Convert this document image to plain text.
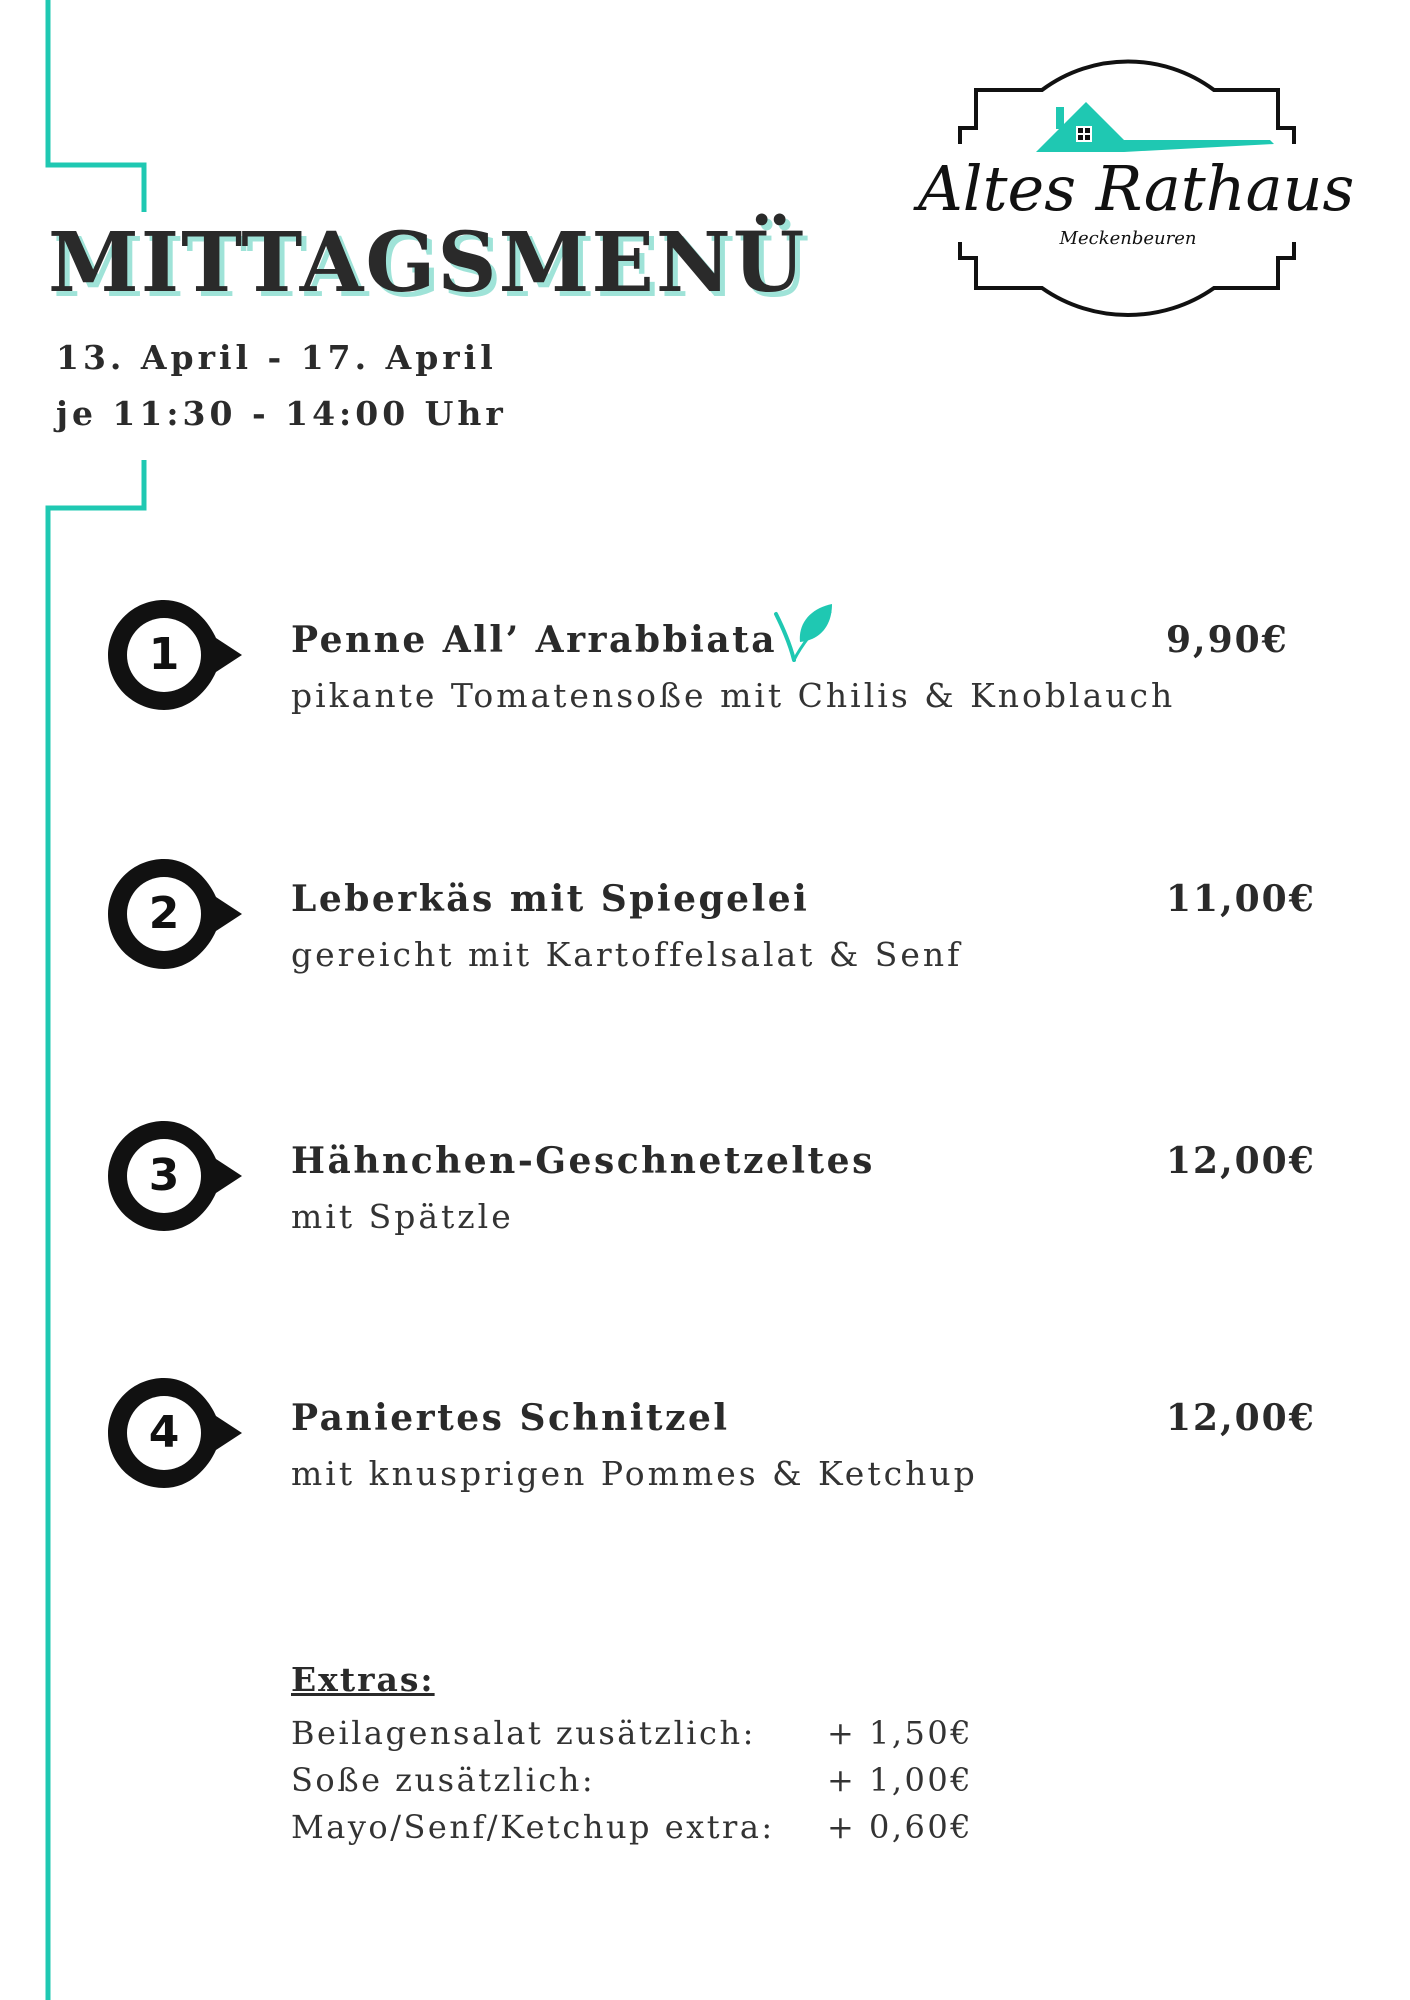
MITTAGSMENÜ
13. April - 17. April
je 11:30 - 14:00 Uhr
Altes Rathaus
Meckenbeuren
1	Penne All’ Arrabbiata
pikante Tomatensoße mit Chilis & Knoblauch
9,90€
2	Leberkäs mit Spiegelei
gereicht mit Kartoffelsalat & Senf
11,00€
3	Hähnchen-Geschnetzeltes
mit Spätzle
12,00€
4	Paniertes Schnitzel
mit knusprigen Pommes & Ketchup
12,00€
Extras:
Beilagensalat zusätzlich: + 1,50€
Soße zusätzlich:	+ 1,00€
Mayo/Senf/Ketchup extra: + 0,60€
